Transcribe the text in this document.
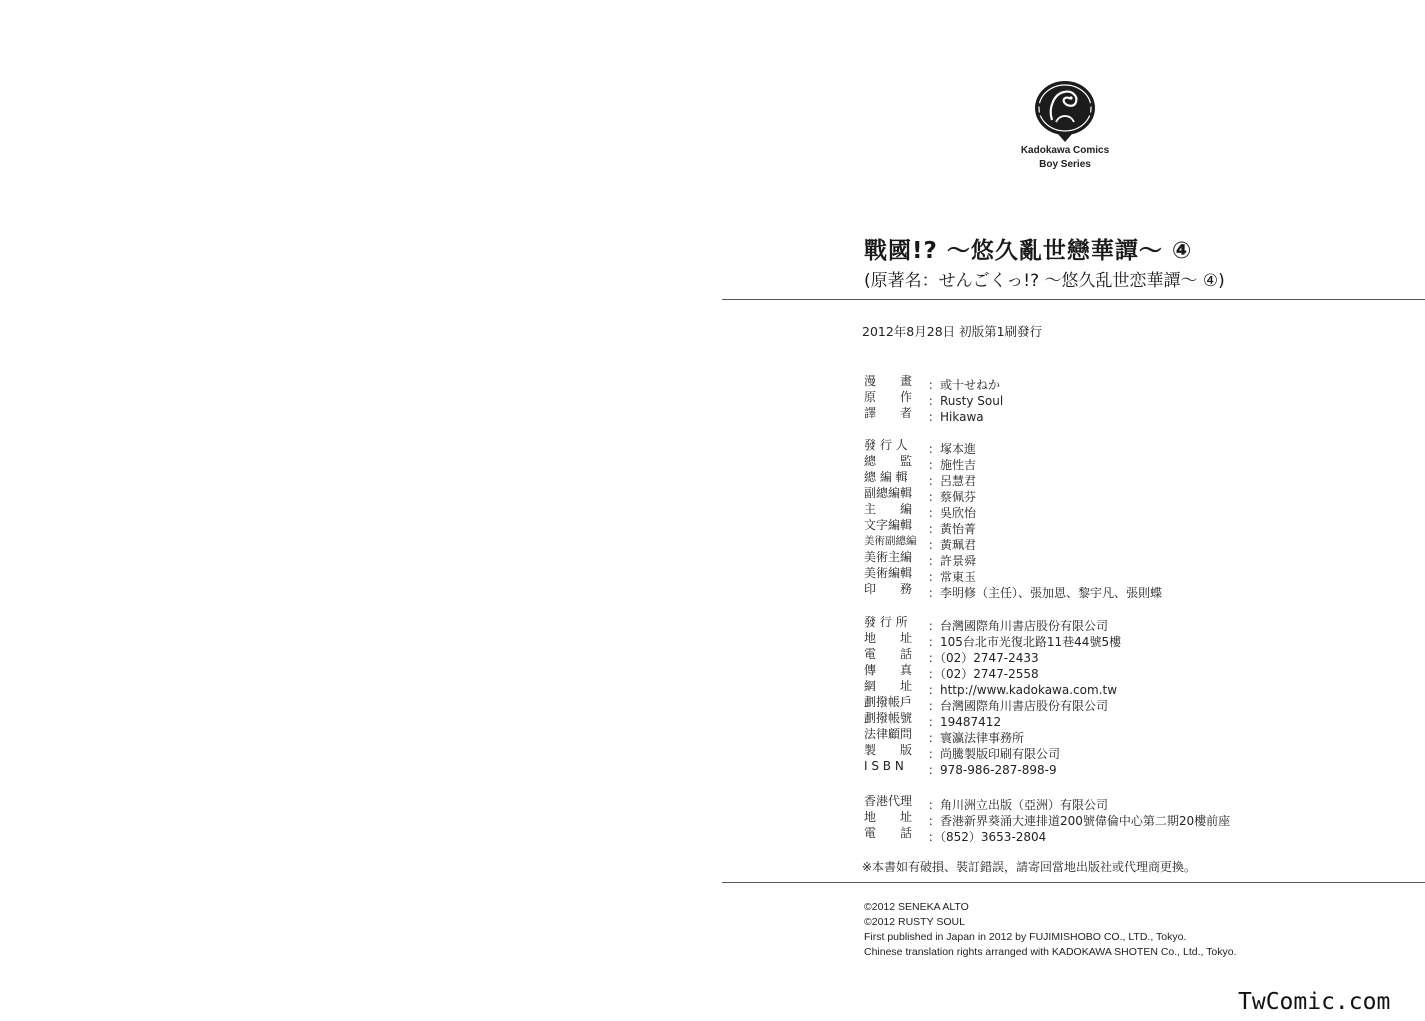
Kadokawa Comics
Boy Series
戰國!? ～悠久亂世戀華譚～ ④
(原著名：せんごくっ!? ～悠久乱世恋華譚～ ④)
2012年8月28日 初版第1刷發行
漫　　畫 ：或十せねか
原　　作 ：Rusty Soul
譯　　者 ：Hikawa
發 行 人 ：塚本進
總　　監 ：施性吉
總 編 輯 ：呂慧君
副總編輯 ：蔡佩芬
主　　編 ：吳欣怡
文字編輯 ：黃怡菁
美術副總編 ：黃珮君
美術主編 ：許景舜
美術編輯 ：常東玉
印　　務 ：李明修（主任）、張加恩、黎宇凡、張則蝶
發 行 所 ：台灣國際角川書店股份有限公司
地　　址 ：105台北市光復北路11巷44號5樓
電　　話 ：（02）2747-2433
傳　　真 ：（02）2747-2558
網　　址 ：http://www.kadokawa.com.tw
劃撥帳戶 ：台灣國際角川書店股份有限公司
劃撥帳號 ：19487412
法律顧問 ：寰瀛法律事務所
製　　版 ：尚騰製版印刷有限公司
I S B N ：978-986-287-898-9
香港代理 ：角川洲立出版（亞洲）有限公司
地　　址 ：香港新界葵涌大連排道200號偉倫中心第二期20樓前座
電　　話 ：（852）3653-2804
※本書如有破損、裝訂錯誤，請寄回當地出版社或代理商更換。
©2012 SENEKA ALTO
©2012 RUSTY SOUL
First published in Japan in 2012 by FUJIMISHOBO CO., LTD., Tokyo.
Chinese translation rights arranged with KADOKAWA SHOTEN Co., Ltd., Tokyo.
TwComic.com
